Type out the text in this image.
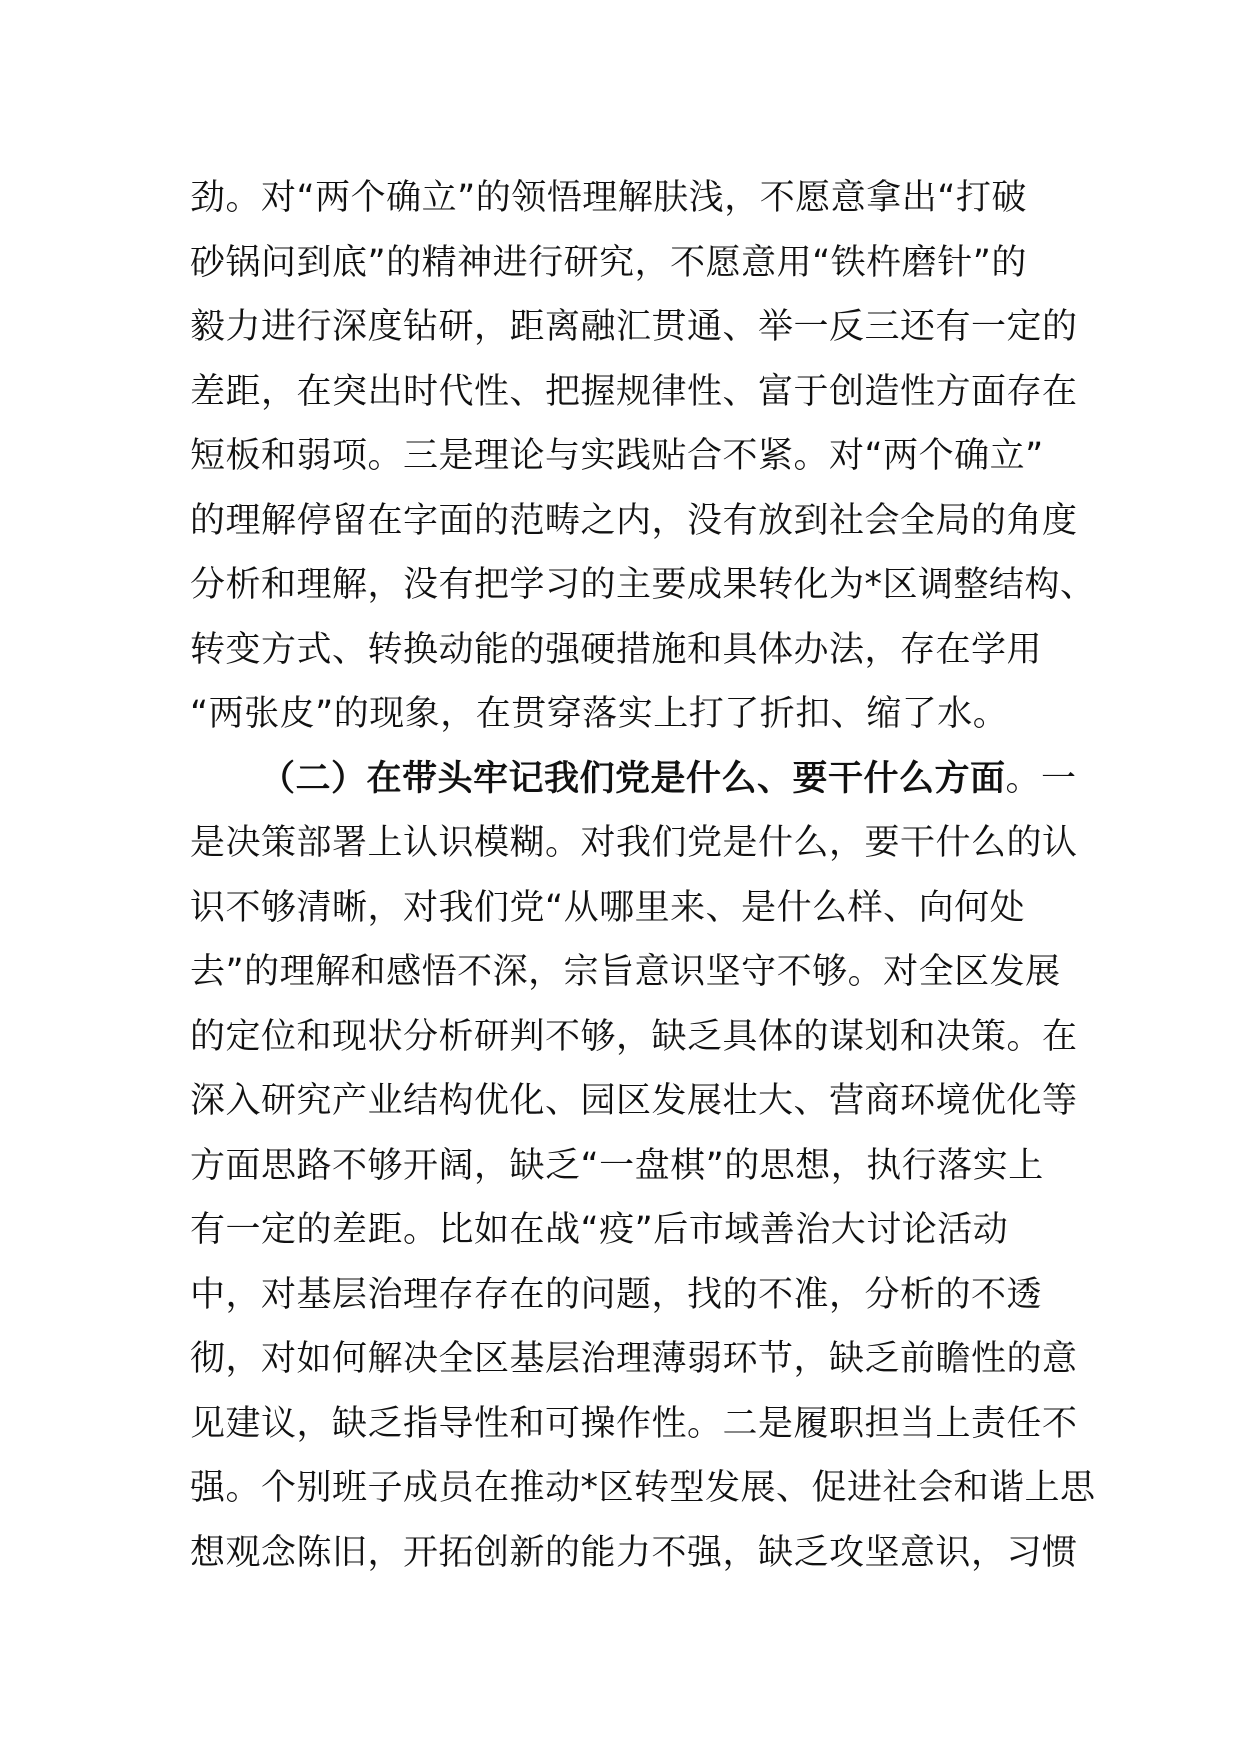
劲。对“两个确立”的领悟理解肤浅，不愿意拿出“打破
砂锅问到底”的精神进行研究，不愿意用“铁杵磨针”的
毅力进行深度钻研，距离融汇贯通、举一反三还有一定的
差距，在突出时代性、把握规律性、富于创造性方面存在
短板和弱项。三是理论与实践贴合不紧。对“两个确立”
的理解停留在字面的范畴之内，没有放到社会全局的角度
分析和理解，没有把学习的主要成果转化为*区调整结构、
转变方式、转换动能的强硬措施和具体办法，存在学用
“两张皮”的现象，在贯穿落实上打了折扣、缩了水。
（二）在带头牢记我们党是什么、要干什么方面。一
是决策部署上认识模糊。对我们党是什么，要干什么的认
识不够清晰，对我们党“从哪里来、是什么样、向何处
去”的理解和感悟不深，宗旨意识坚守不够。对全区发展
的定位和现状分析研判不够，缺乏具体的谋划和决策。在
深入研究产业结构优化、园区发展壮大、营商环境优化等
方面思路不够开阔，缺乏“一盘棋”的思想，执行落实上
有一定的差距。比如在战“疫”后市域善治大讨论活动
中，对基层治理存存在的问题，找的不准，分析的不透
彻，对如何解决全区基层治理薄弱环节，缺乏前瞻性的意
见建议，缺乏指导性和可操作性。二是履职担当上责任不
强。个别班子成员在推动*区转型发展、促进社会和谐上思
想观念陈旧，开拓创新的能力不强，缺乏攻坚意识，习惯
